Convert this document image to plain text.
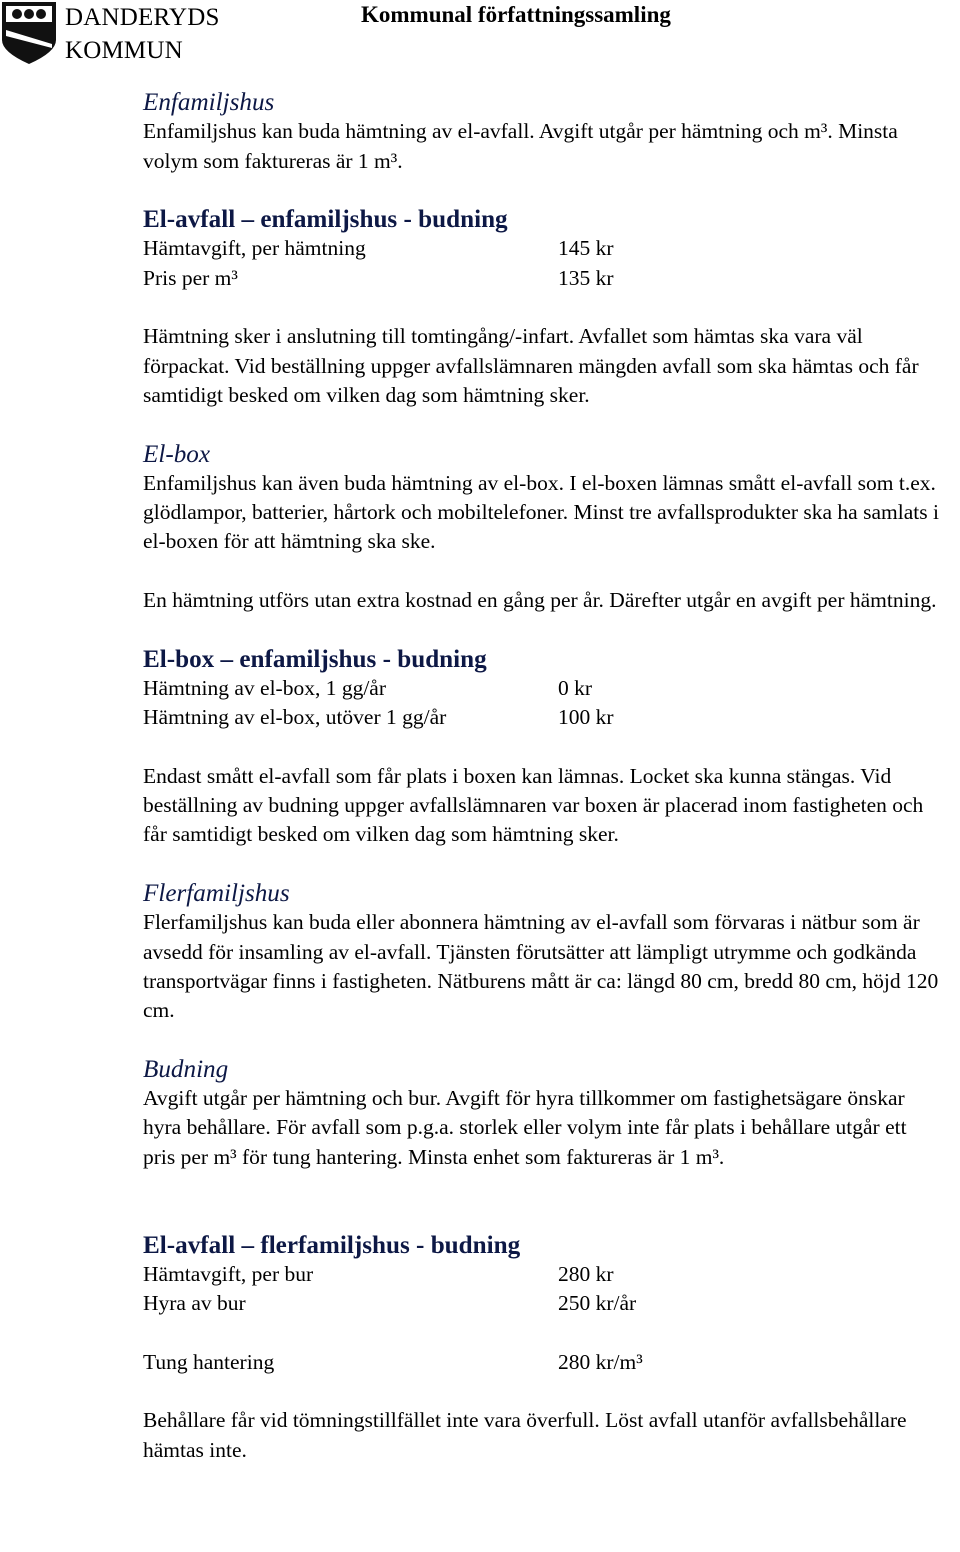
DANDERYDS
KOMMUN
Kommunal författningssamling
Enfamiljshus

Enfamiljshus kan buda hämtning av el-avfall. Avgift utgår per hämtning och m³. Minsta volym som faktureras är 1 m³.

El-avfall – enfamiljshus - budning
Hämtavgift, per hämtning	145 kr
Pris per m³	135 kr

Hämtning sker i anslutning till tomtingång/-infart. Avfallet som hämtas ska vara väl förpackat. Vid beställning uppger avfallslämnaren mängden avfall som ska hämtas och får samtidigt besked om vilken dag som hämtning sker.

El-box

Enfamiljshus kan även buda hämtning av el-box. I el-boxen lämnas smått el-avfall som t.ex. glödlampor, batterier, hårtork och mobiltelefoner. Minst tre avfallsprodukter ska ha samlats i el-boxen för att hämtning ska ske.

En hämtning utförs utan extra kostnad en gång per år. Därefter utgår en avgift per hämtning.

El-box – enfamiljshus - budning
Hämtning av el-box, 1 gg/år	0 kr
Hämtning av el-box, utöver 1 gg/år	100 kr

Endast smått el-avfall som får plats i boxen kan lämnas. Locket ska kunna stängas. Vid beställning av budning uppger avfallslämnaren var boxen är placerad inom fastigheten och får samtidigt besked om vilken dag som hämtning sker.

Flerfamiljshus

Flerfamiljshus kan buda eller abonnera hämtning av el-avfall som förvaras i nätbur som är avsedd för insamling av el-avfall. Tjänsten förutsätter att lämpligt utrymme och godkända transportvägar finns i fastigheten. Nätburens mått är ca: längd 80 cm, bredd 80 cm, höjd 120 cm.

Budning

Avgift utgår per hämtning och bur. Avgift för hyra tillkommer om fastighetsägare önskar hyra behållare. För avfall som p.g.a. storlek eller volym inte får plats i behållare utgår ett pris per m³ för tung hantering. Minsta enhet som faktureras är 1 m³.

El-avfall – flerfamiljshus - budning
Hämtavgift, per bur	280 kr
Hyra av bur	250 kr/år
Tung hantering	280 kr/m³

Behållare får vid tömningstillfället inte vara överfull. Löst avfall utanför avfallsbehållare hämtas inte.
